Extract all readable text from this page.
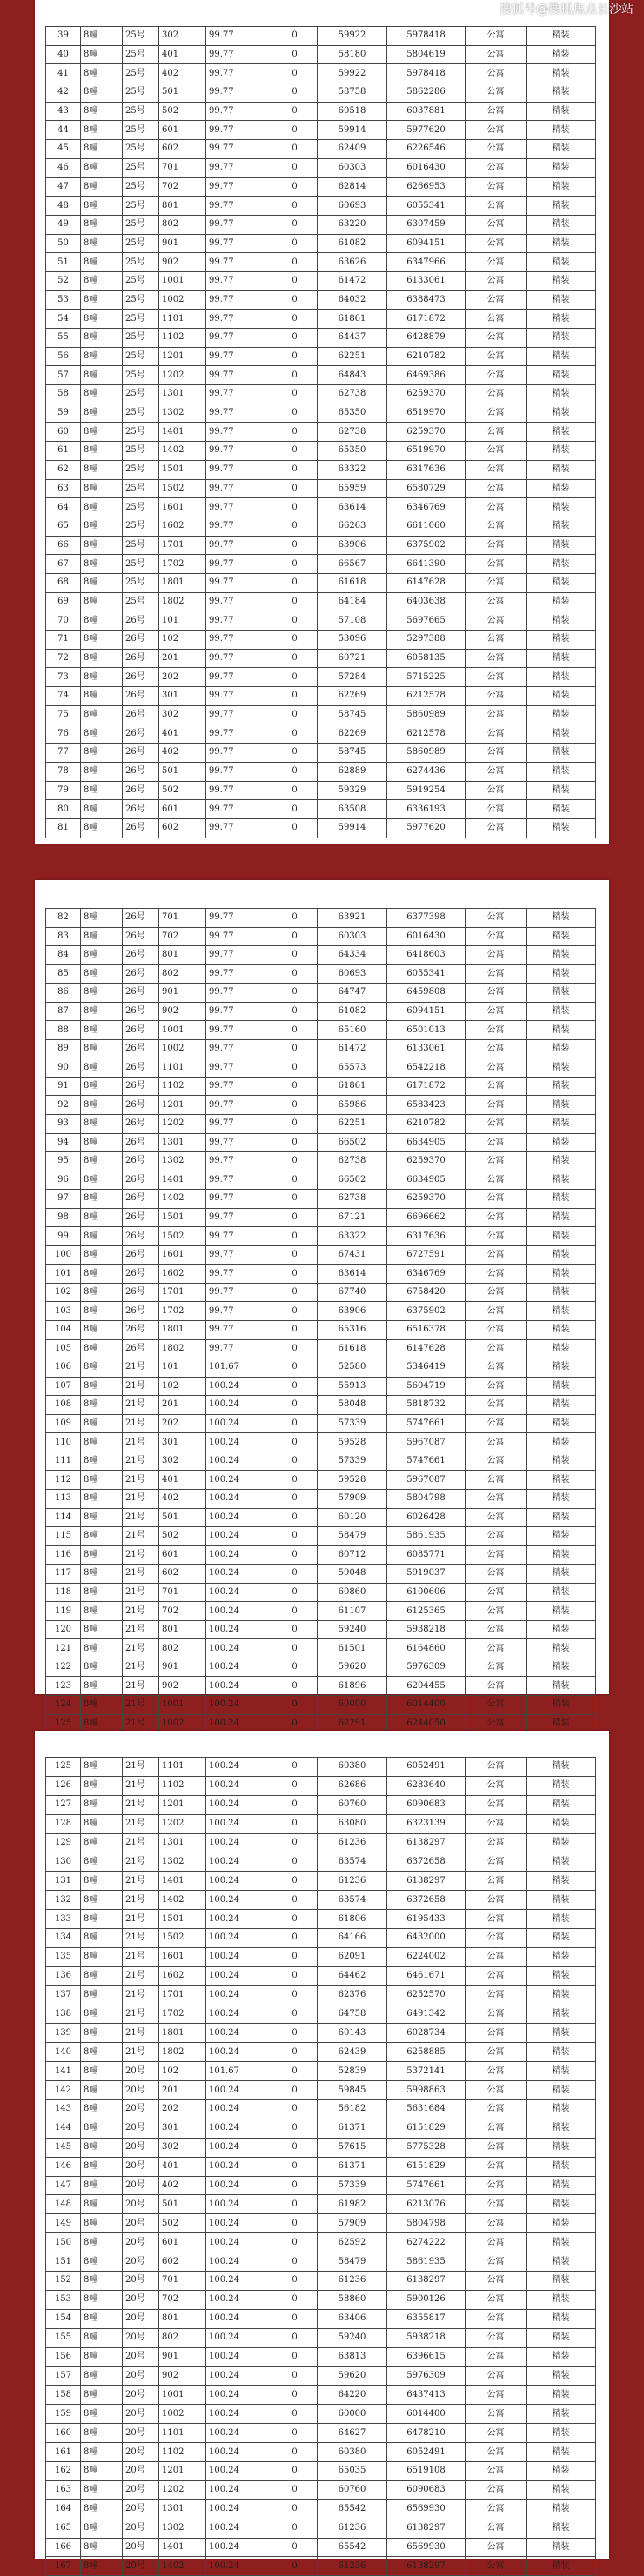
搜狐号@搜狐焦点长沙站
39	8幢	25号	302	99.77	0	59922	5978418	公寓	精装
40	8幢	25号	401	99.77	0	58180	5804619	公寓	精装
41	8幢	25号	402	99.77	0	59922	5978418	公寓	精装
42	8幢	25号	501	99.77	0	58758	5862286	公寓	精装
43	8幢	25号	502	99.77	0	60518	6037881	公寓	精装
44	8幢	25号	601	99.77	0	59914	5977620	公寓	精装
45	8幢	25号	602	99.77	0	62409	6226546	公寓	精装
46	8幢	25号	701	99.77	0	60303	6016430	公寓	精装
47	8幢	25号	702	99.77	0	62814	6266953	公寓	精装
48	8幢	25号	801	99.77	0	60693	6055341	公寓	精装
49	8幢	25号	802	99.77	0	63220	6307459	公寓	精装
50	8幢	25号	901	99.77	0	61082	6094151	公寓	精装
51	8幢	25号	902	99.77	0	63626	6347966	公寓	精装
52	8幢	25号	1001	99.77	0	61472	6133061	公寓	精装
53	8幢	25号	1002	99.77	0	64032	6388473	公寓	精装
54	8幢	25号	1101	99.77	0	61861	6171872	公寓	精装
55	8幢	25号	1102	99.77	0	64437	6428879	公寓	精装
56	8幢	25号	1201	99.77	0	62251	6210782	公寓	精装
57	8幢	25号	1202	99.77	0	64843	6469386	公寓	精装
58	8幢	25号	1301	99.77	0	62738	6259370	公寓	精装
59	8幢	25号	1302	99.77	0	65350	6519970	公寓	精装
60	8幢	25号	1401	99.77	0	62738	6259370	公寓	精装
61	8幢	25号	1402	99.77	0	65350	6519970	公寓	精装
62	8幢	25号	1501	99.77	0	63322	6317636	公寓	精装
63	8幢	25号	1502	99.77	0	65959	6580729	公寓	精装
64	8幢	25号	1601	99.77	0	63614	6346769	公寓	精装
65	8幢	25号	1602	99.77	0	66263	6611060	公寓	精装
66	8幢	25号	1701	99.77	0	63906	6375902	公寓	精装
67	8幢	25号	1702	99.77	0	66567	6641390	公寓	精装
68	8幢	25号	1801	99.77	0	61618	6147628	公寓	精装
69	8幢	25号	1802	99.77	0	64184	6403638	公寓	精装
70	8幢	26号	101	99.77	0	57108	5697665	公寓	精装
71	8幢	26号	102	99.77	0	53096	5297388	公寓	精装
72	8幢	26号	201	99.77	0	60721	6058135	公寓	精装
73	8幢	26号	202	99.77	0	57284	5715225	公寓	精装
74	8幢	26号	301	99.77	0	62269	6212578	公寓	精装
75	8幢	26号	302	99.77	0	58745	5860989	公寓	精装
76	8幢	26号	401	99.77	0	62269	6212578	公寓	精装
77	8幢	26号	402	99.77	0	58745	5860989	公寓	精装
78	8幢	26号	501	99.77	0	62889	6274436	公寓	精装
79	8幢	26号	502	99.77	0	59329	5919254	公寓	精装
80	8幢	26号	601	99.77	0	63508	6336193	公寓	精装
81	8幢	26号	602	99.77	0	59914	5977620	公寓	精装
82	8幢	26号	701	99.77	0	63921	6377398	公寓	精装
83	8幢	26号	702	99.77	0	60303	6016430	公寓	精装
84	8幢	26号	801	99.77	0	64334	6418603	公寓	精装
85	8幢	26号	802	99.77	0	60693	6055341	公寓	精装
86	8幢	26号	901	99.77	0	64747	6459808	公寓	精装
87	8幢	26号	902	99.77	0	61082	6094151	公寓	精装
88	8幢	26号	1001	99.77	0	65160	6501013	公寓	精装
89	8幢	26号	1002	99.77	0	61472	6133061	公寓	精装
90	8幢	26号	1101	99.77	0	65573	6542218	公寓	精装
91	8幢	26号	1102	99.77	0	61861	6171872	公寓	精装
92	8幢	26号	1201	99.77	0	65986	6583423	公寓	精装
93	8幢	26号	1202	99.77	0	62251	6210782	公寓	精装
94	8幢	26号	1301	99.77	0	66502	6634905	公寓	精装
95	8幢	26号	1302	99.77	0	62738	6259370	公寓	精装
96	8幢	26号	1401	99.77	0	66502	6634905	公寓	精装
97	8幢	26号	1402	99.77	0	62738	6259370	公寓	精装
98	8幢	26号	1501	99.77	0	67121	6696662	公寓	精装
99	8幢	26号	1502	99.77	0	63322	6317636	公寓	精装
100	8幢	26号	1601	99.77	0	67431	6727591	公寓	精装
101	8幢	26号	1602	99.77	0	63614	6346769	公寓	精装
102	8幢	26号	1701	99.77	0	67740	6758420	公寓	精装
103	8幢	26号	1702	99.77	0	63906	6375902	公寓	精装
104	8幢	26号	1801	99.77	0	65316	6516378	公寓	精装
105	8幢	26号	1802	99.77	0	61618	6147628	公寓	精装
106	8幢	21号	101	101.67	0	52580	5346419	公寓	精装
107	8幢	21号	102	100.24	0	55913	5604719	公寓	精装
108	8幢	21号	201	100.24	0	58048	5818732	公寓	精装
109	8幢	21号	202	100.24	0	57339	5747661	公寓	精装
110	8幢	21号	301	100.24	0	59528	5967087	公寓	精装
111	8幢	21号	302	100.24	0	57339	5747661	公寓	精装
112	8幢	21号	401	100.24	0	59528	5967087	公寓	精装
113	8幢	21号	402	100.24	0	57909	5804798	公寓	精装
114	8幢	21号	501	100.24	0	60120	6026428	公寓	精装
115	8幢	21号	502	100.24	0	58479	5861935	公寓	精装
116	8幢	21号	601	100.24	0	60712	6085771	公寓	精装
117	8幢	21号	602	100.24	0	59048	5919037	公寓	精装
118	8幢	21号	701	100.24	0	60860	6100606	公寓	精装
119	8幢	21号	702	100.24	0	61107	6125365	公寓	精装
120	8幢	21号	801	100.24	0	59240	5938218	公寓	精装
121	8幢	21号	802	100.24	0	61501	6164860	公寓	精装
122	8幢	21号	901	100.24	0	59620	5976309	公寓	精装
123	8幢	21号	902	100.24	0	61896	6204455	公寓	精装
124	8幢	21号	1001	100.24	0	60000	6014400	公寓	精装
125	8幢	21号	1002	100.24	0	62291	6244050	公寓	精装
125	8幢	21号	1101	100.24	0	60380	6052491	公寓	精装
126	8幢	21号	1102	100.24	0	62686	6283640	公寓	精装
127	8幢	21号	1201	100.24	0	60760	6090683	公寓	精装
128	8幢	21号	1202	100.24	0	63080	6323139	公寓	精装
129	8幢	21号	1301	100.24	0	61236	6138297	公寓	精装
130	8幢	21号	1302	100.24	0	63574	6372658	公寓	精装
131	8幢	21号	1401	100.24	0	61236	6138297	公寓	精装
132	8幢	21号	1402	100.24	0	63574	6372658	公寓	精装
133	8幢	21号	1501	100.24	0	61806	6195433	公寓	精装
134	8幢	21号	1502	100.24	0	64166	6432000	公寓	精装
135	8幢	21号	1601	100.24	0	62091	6224002	公寓	精装
136	8幢	21号	1602	100.24	0	64462	6461671	公寓	精装
137	8幢	21号	1701	100.24	0	62376	6252570	公寓	精装
138	8幢	21号	1702	100.24	0	64758	6491342	公寓	精装
139	8幢	21号	1801	100.24	0	60143	6028734	公寓	精装
140	8幢	21号	1802	100.24	0	62439	6258885	公寓	精装
141	8幢	20号	102	101.67	0	52839	5372141	公寓	精装
142	8幢	20号	201	100.24	0	59845	5998863	公寓	精装
143	8幢	20号	202	100.24	0	56182	5631684	公寓	精装
144	8幢	20号	301	100.24	0	61371	6151829	公寓	精装
145	8幢	20号	302	100.24	0	57615	5775328	公寓	精装
146	8幢	20号	401	100.24	0	61371	6151829	公寓	精装
147	8幢	20号	402	100.24	0	57339	5747661	公寓	精装
148	8幢	20号	501	100.24	0	61982	6213076	公寓	精装
149	8幢	20号	502	100.24	0	57909	5804798	公寓	精装
150	8幢	20号	601	100.24	0	62592	6274222	公寓	精装
151	8幢	20号	602	100.24	0	58479	5861935	公寓	精装
152	8幢	20号	701	100.24	0	61236	6138297	公寓	精装
153	8幢	20号	702	100.24	0	58860	5900126	公寓	精装
154	8幢	20号	801	100.24	0	63406	6355817	公寓	精装
155	8幢	20号	802	100.24	0	59240	5938218	公寓	精装
156	8幢	20号	901	100.24	0	63813	6396615	公寓	精装
157	8幢	20号	902	100.24	0	59620	5976309	公寓	精装
158	8幢	20号	1001	100.24	0	64220	6437413	公寓	精装
159	8幢	20号	1002	100.24	0	60000	6014400	公寓	精装
160	8幢	20号	1101	100.24	0	64627	6478210	公寓	精装
161	8幢	20号	1102	100.24	0	60380	6052491	公寓	精装
162	8幢	20号	1201	100.24	0	65035	6519108	公寓	精装
163	8幢	20号	1202	100.24	0	60760	6090683	公寓	精装
164	8幢	20号	1301	100.24	0	65542	6569930	公寓	精装
165	8幢	20号	1302	100.24	0	61236	6138297	公寓	精装
166	8幢	20号	1401	100.24	0	65542	6569930	公寓	精装
167	8幢	20号	1402	100.24	0	61236	6138297	公寓	精装
